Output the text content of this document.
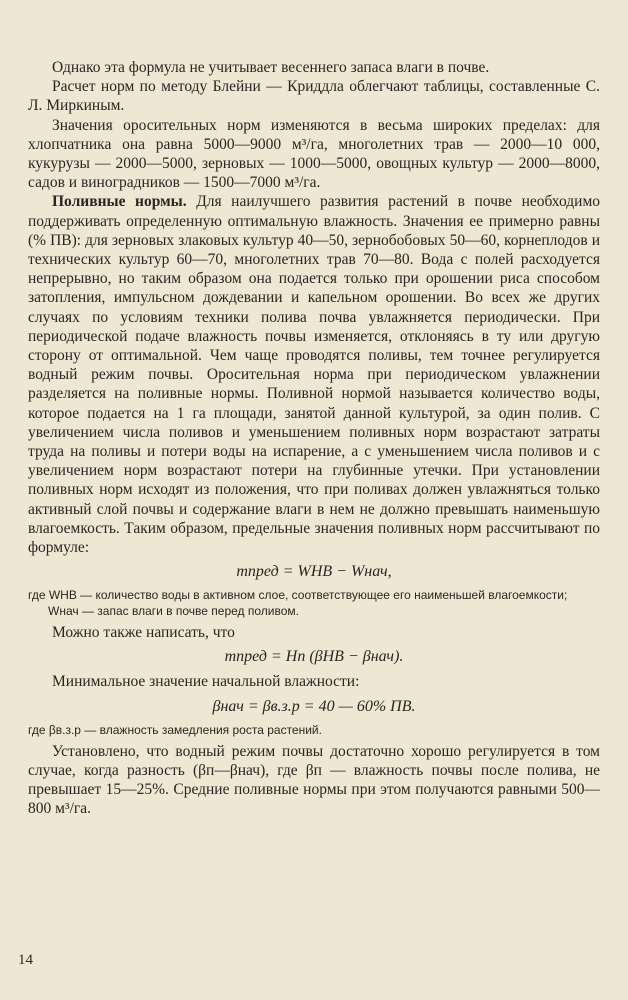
Однако эта формула не учитывает весеннего запаса влаги в почве.

Расчет норм по методу Блейни — Криддла облегчают таблицы, составленные С. Л. Миркиным.

Значения оросительных норм изменяются в весьма широких пределах: для хлопчатника она равна 5000—9000 м³/га, многолетних трав — 2000—10 000, кукурузы — 2000—5000, зерновых — 1000—5000, овощных культур — 2000—8000, садов и виноградников — 1500—7000 м³/га.

Поливные нормы. Для наилучшего развития растений в почве необходимо поддерживать определенную оптимальную влажность. Значения ее примерно равны (% ПВ): для зерновых злаковых культур 40—50, зернобобовых 50—60, корнеплодов и технических культур 60—70, многолетних трав 70—80. Вода с полей расходуется непрерывно, но таким образом она подается только при орошении риса способом затопления, импульсном дождевании и капельном орошении. Во всех же других случаях по условиям техники полива почва увлажняется периодически. При периодической подаче влажность почвы изменяется, отклоняясь в ту или другую сторону от оптимальной. Чем чаще проводятся поливы, тем точнее регулируется водный режим почвы. Оросительная норма при периодическом увлажнении разделяется на поливные нормы. Поливной нормой называется количество воды, которое подается на 1 га площади, занятой данной культурой, за один полив. С увеличением числа поливов и уменьшением поливных норм возрастают затраты труда на поливы и потери воды на испарение, а с уменьшением числа поливов и с увеличением норм возрастают потери на глубинные утечки. При установлении поливных норм исходят из положения, что при поливах должен увлажняться только активный слой почвы и содержание влаги в нем не должно превышать наименьшую влагоемкость. Таким образом, предельные значения поливных норм рассчитывают по формуле:

mпред = WНВ − Wнач,

где WНВ — количество воды в активном слое, соответствующее его наименьшей влагоемкости;

Wнач — запас влаги в почве перед поливом.

Можно также написать, что

mпред = Hп (βНВ − βнач).

Минимальное значение начальной влажности:

βнач = βв.з.р = 40 — 60% ПВ.

где βв.з.р — влажность замедления роста растений.

Установлено, что водный режим почвы достаточно хорошо регулируется в том случае, когда разность (βп—βнач), где βп — влажность почвы после полива, не превышает 15—25%. Средние поливные нормы при этом получаются равными 500—800 м³/га.

14
